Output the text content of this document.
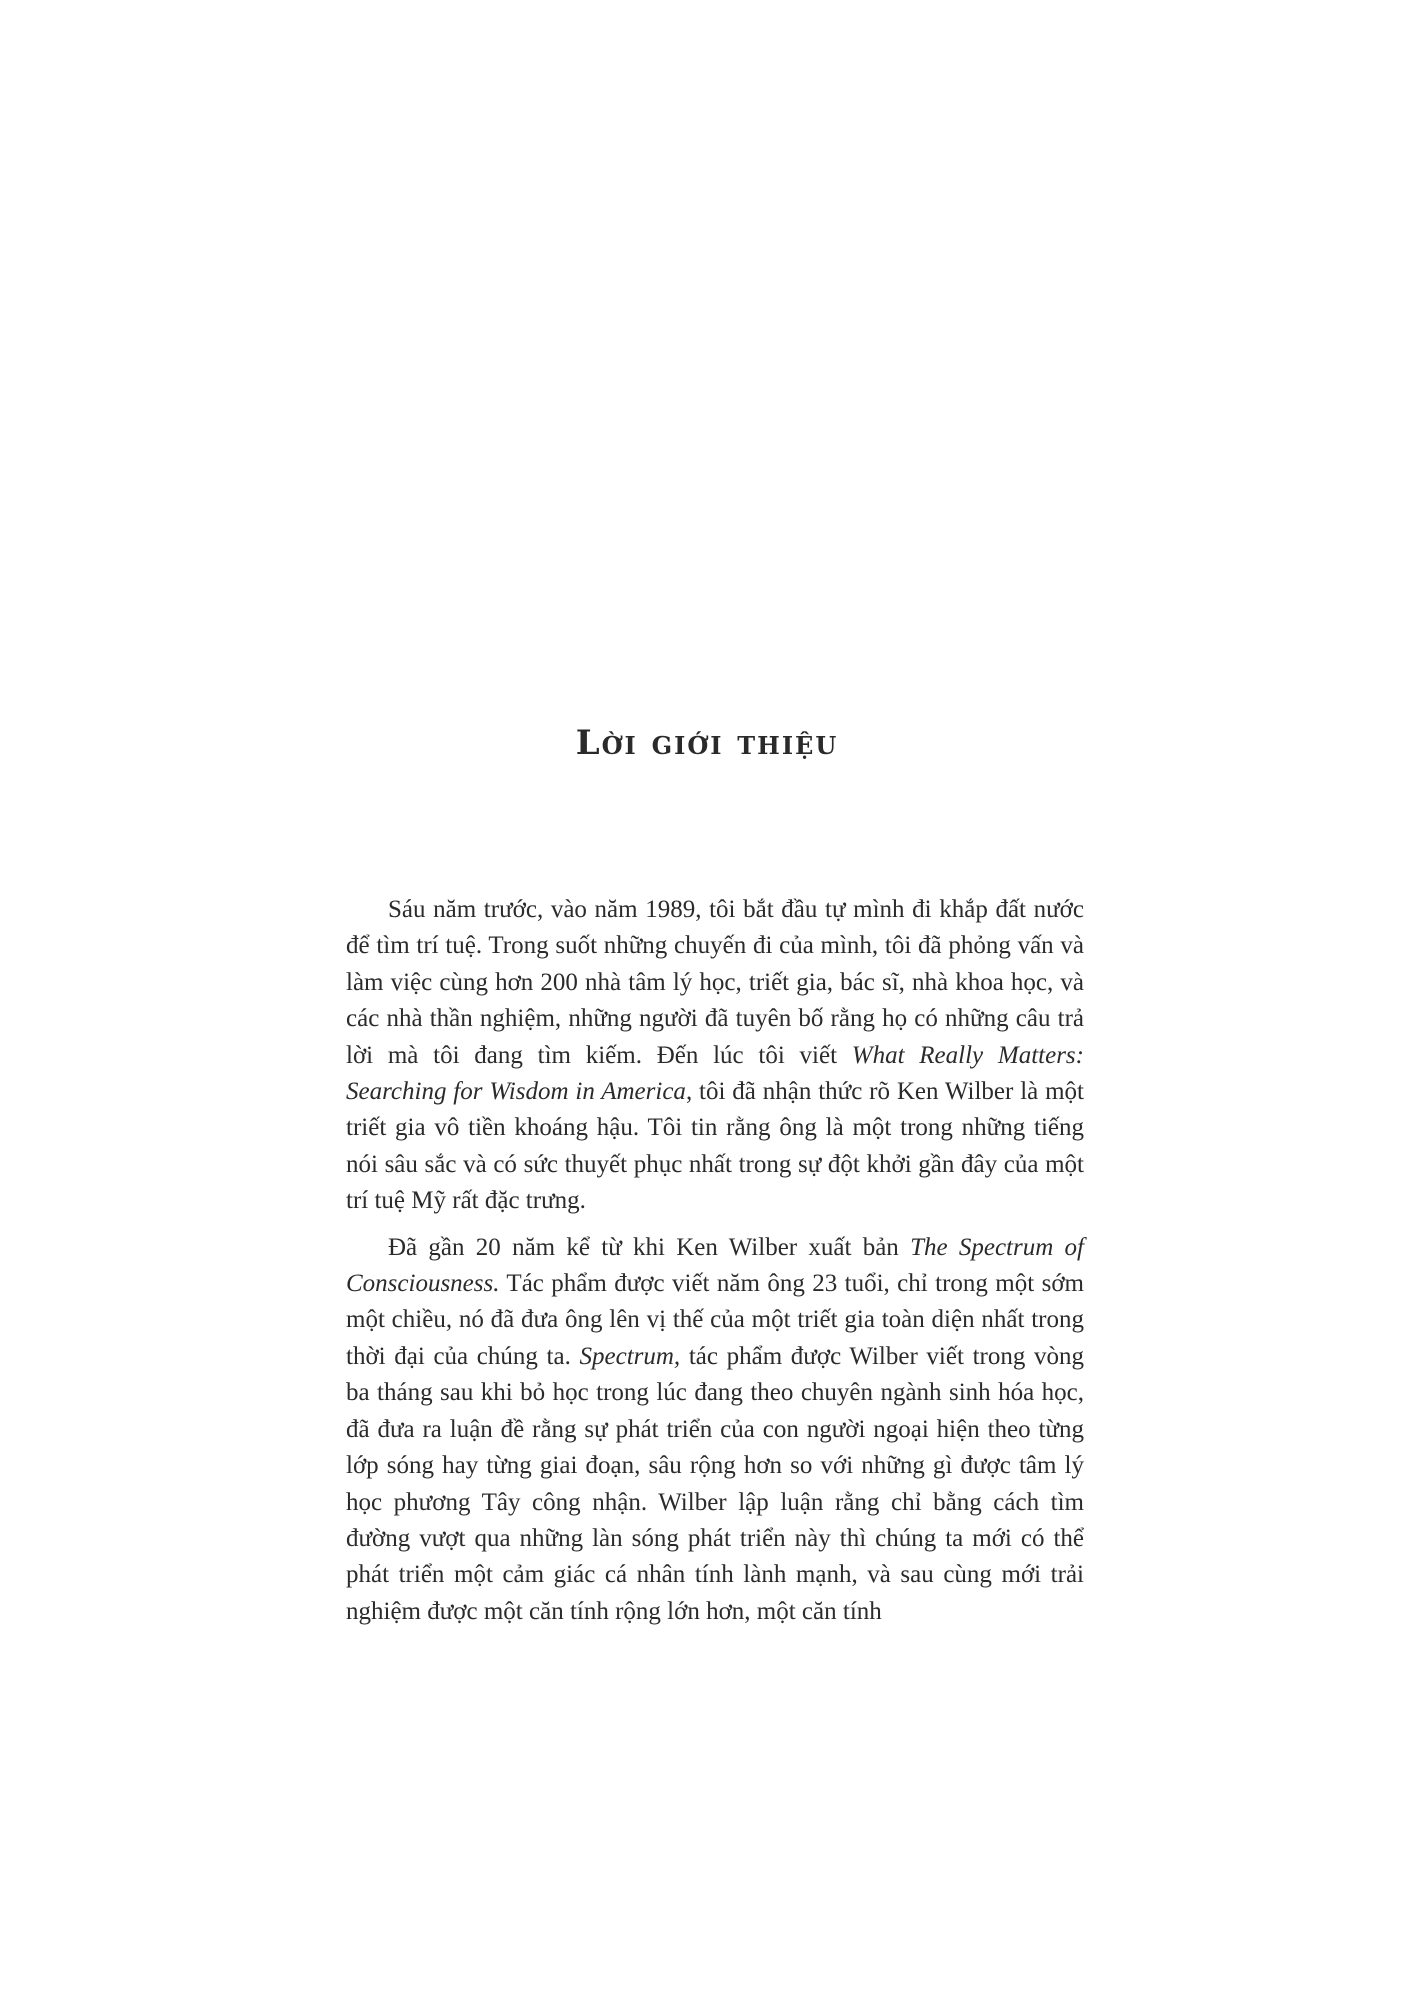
Lời giới thiệu

Sáu năm trước, vào năm 1989, tôi bắt đầu tự mình đi khắp đất nước để tìm trí tuệ. Trong suốt những chuyến đi của mình, tôi đã phỏng vấn và làm việc cùng hơn 200 nhà tâm lý học, triết gia, bác sĩ, nhà khoa học, và các nhà thần nghiệm, những người đã tuyên bố rằng họ có những câu trả lời mà tôi đang tìm kiếm. Đến lúc tôi viết What Really Matters: Searching for Wisdom in America, tôi đã nhận thức rõ Ken Wilber là một triết gia vô tiền khoáng hậu. Tôi tin rằng ông là một trong những tiếng nói sâu sắc và có sức thuyết phục nhất trong sự đột khởi gần đây của một trí tuệ Mỹ rất đặc trưng.

Đã gần 20 năm kể từ khi Ken Wilber xuất bản The Spectrum of Consciousness. Tác phẩm được viết năm ông 23 tuổi, chỉ trong một sớm một chiều, nó đã đưa ông lên vị thế của một triết gia toàn diện nhất trong thời đại của chúng ta. Spectrum, tác phẩm được Wilber viết trong vòng ba tháng sau khi bỏ học trong lúc đang theo chuyên ngành sinh hóa học, đã đưa ra luận đề rằng sự phát triển của con người ngoại hiện theo từng lớp sóng hay từng giai đoạn, sâu rộng hơn so với những gì được tâm lý học phương Tây công nhận. Wilber lập luận rằng chỉ bằng cách tìm đường vượt qua những làn sóng phát triển này thì chúng ta mới có thể phát triển một cảm giác cá nhân tính lành mạnh, và sau cùng mới trải nghiệm được một căn tính rộng lớn hơn, một căn tính
